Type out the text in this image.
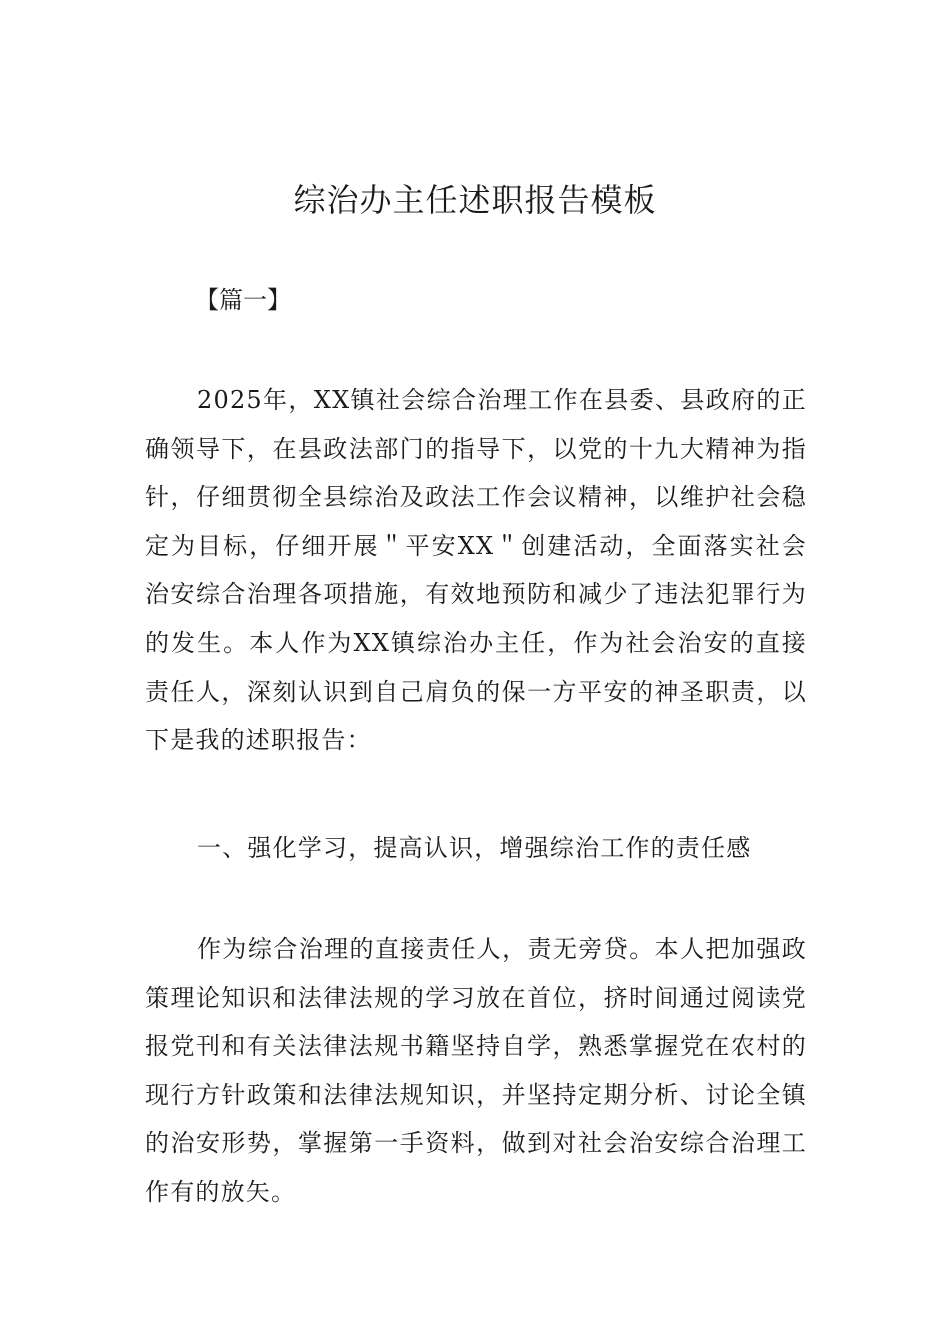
综治办主任述职报告模板
【篇一】

2025年，XX镇社会综合治理工作在县委、县政府的正确领导下，在县政法部门的指导下，以党的十九大精神为指针，仔细贯彻全县综治及政法工作会议精神，以维护社会稳定为目标，仔细开展＂平安XX＂创建活动，全面落实社会治安综合治理各项措施，有效地预防和减少了违法犯罪行为的发生。本人作为XX镇综治办主任，作为社会治安的直接责任人，深刻认识到自己肩负的保一方平安的神圣职责，以下是我的述职报告：

一、强化学习，提高认识，增强综治工作的责任感

作为综合治理的直接责任人，责无旁贷。本人把加强政策理论知识和法律法规的学习放在首位，挤时间通过阅读党报党刊和有关法律法规书籍坚持自学，熟悉掌握党在农村的现行方针政策和法律法规知识，并坚持定期分析、讨论全镇的治安形势，掌握第一手资料，做到对社会治安综合治理工作有的放矢。
